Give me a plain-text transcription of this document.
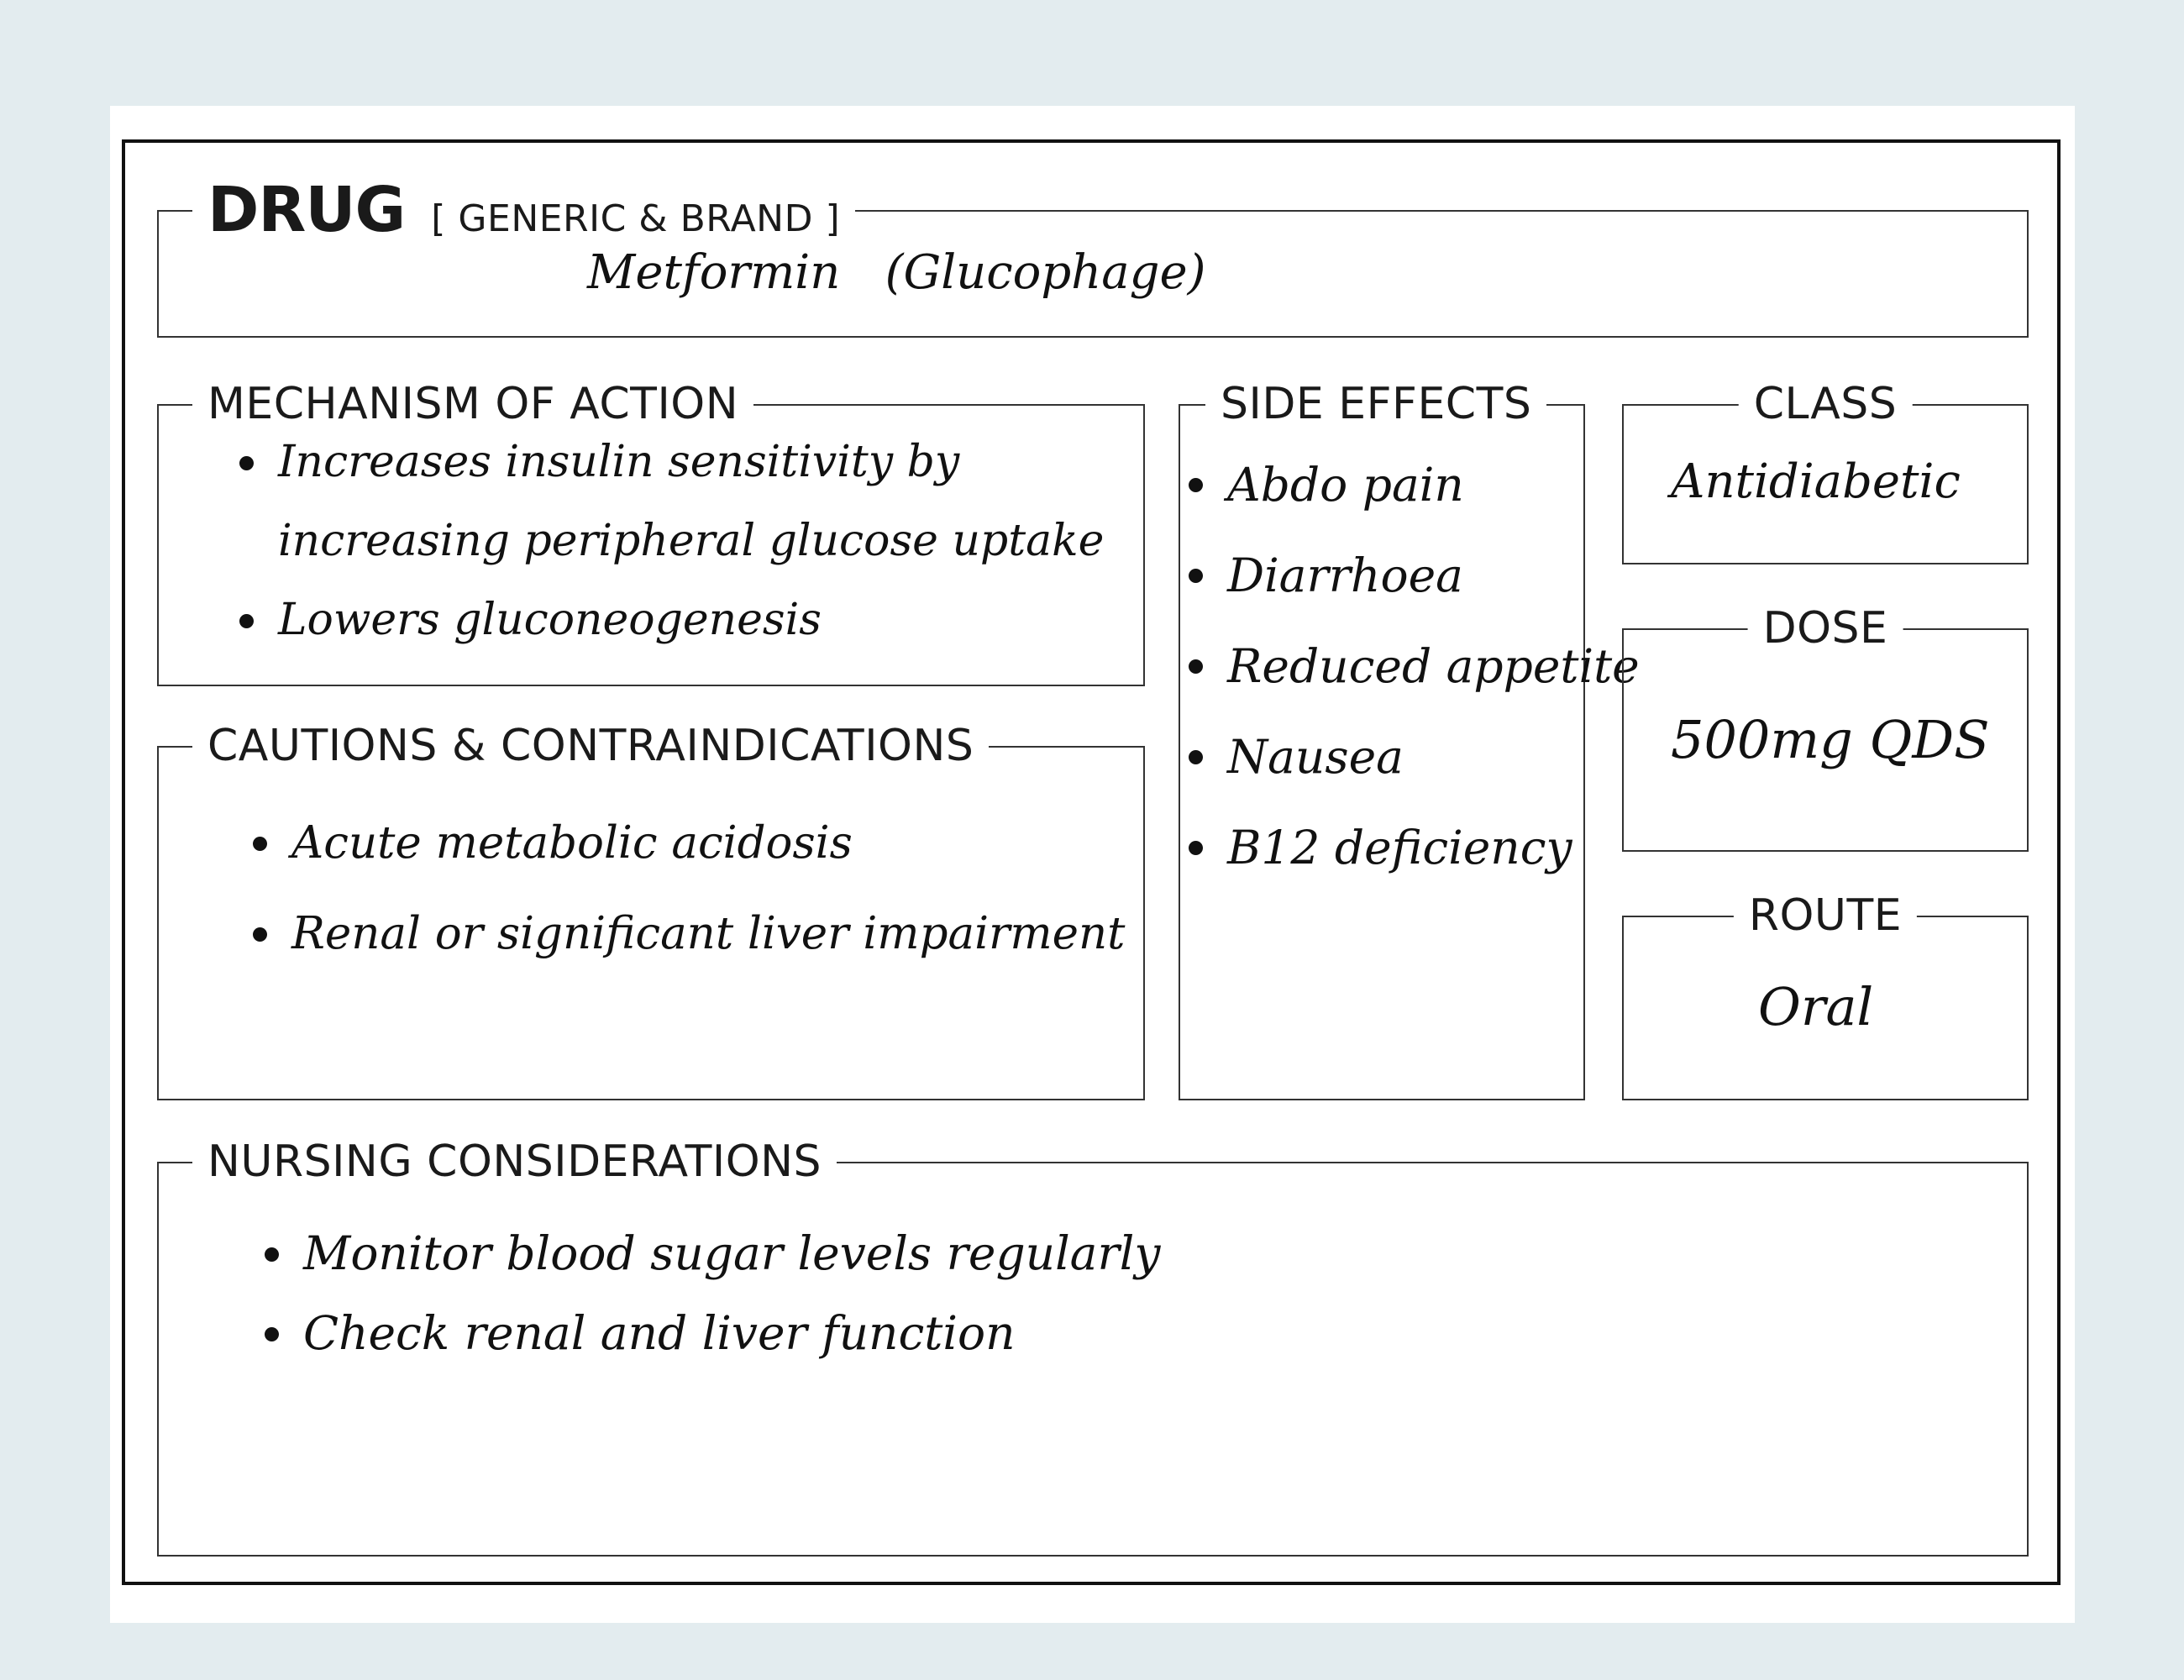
DRUG [ GENERIC & BRAND ]
Metformin   (Glucophage)
MECHANISM OF ACTION
Increases insulin sensitivity by
increasing peripheral glucose uptake
Lowers gluconeogenesis
CAUTIONS & CONTRAINDICATIONS
Acute metabolic acidosis
Renal or significant liver impairment
SIDE EFFECTS
Abdo pain
Diarrhoea
Reduced appetite
Nausea
B12 deficiency
CLASS
Antidiabetic
DOSE
500mg QDS
ROUTE
Oral
NURSING CONSIDERATIONS
Monitor blood sugar levels regularly
Check renal and liver function
